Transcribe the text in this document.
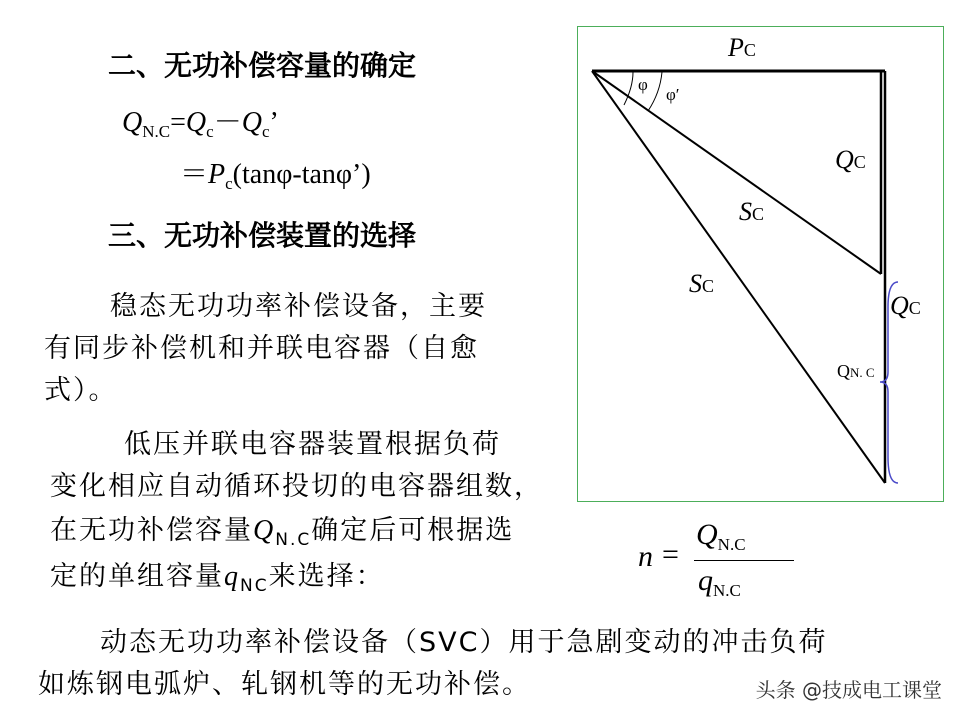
二、无功补偿容量的确定
$Q_{N.C}=Q_c-Q_c$’
$=P_c(\tan\varphi-\tan\varphi’)$
三、无功补偿装置的选择
稳态无功功率补偿设备，主要
有同步补偿机和并联电容器（自愈
式）。
低压并联电容器装置根据负荷
变化相应自动循环投切的电容器组数，
在无功补偿容量$Q_{N.C}$确定后可根据选
定的单组容量$q_{NC}$来选择：
n =
$Q_{N.C}$
$q_{N.C}$
动态无功功率补偿设备（SVC）用于急剧变动的冲击负荷
如炼钢电弧炉、轧钢机等的无功补偿。
PC
φ
φ′
QC
SC
SC
QC
QN. C
头条 @技成电工课堂
